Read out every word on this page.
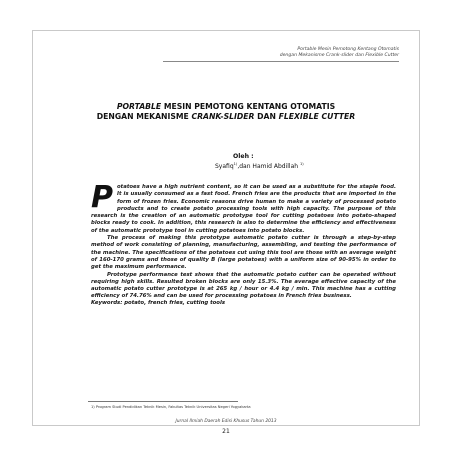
Portable Mesin Pemotong Kentang Otomatis
dengan Mekanisme Crank-slider dan Flexible Cutter
PORTABLE MESIN PEMOTONG KENTANG OTOMATIS
DENGAN MEKANISME CRANK-SLIDER DAN FLEXIBLE CUTTER
Oleh :
Syafiq$^{1)}$,dan Hamid Abdillah $^{1)}$
P otatoes have a high nutrient content, so it can be used as a substitute for the staple food. It is usually consumed as a fast food. French fries are the products that are imported in the form of frozen fries. Economic reasons drive human to make a variety of processed potato products and to create potato processing tools with high capacity. The purpose of this research is the creation of an automatic prototype tool for cutting potatoes into potato-shaped blocks ready to cook. In addition, this research is also to determine the efficiency and effectiveness of the automatic prototype tool in cutting potatoes into potato blocks.

The process of making this prototype automatic potato cutter is through a step-by-step method of work consisting of planning, manufacturing, assembling, and testing the performance of the machine. The specifications of the potatoes cut using this tool are those with an average weight of 160-170 grams and those of quality B (large potatoes) with a uniform size of 90-95% in order to get the maximum performance.

Prototype performance test shows that the automatic potato cutter can be operated without requiring high skills. Resulted broken blocks are only 15.3%. The average effective capacity of the automatic potato cutter prototype is at 265 kg / hour or 4.4 kg / min. This machine has a cutting efficiency of 74.76% and can be used for processing potatoes in French fries business.

Keywords: potato, french fries, cutting tools
1) Program Studi Pendidikan Teknik Mesin, Fakultas Teknik Universitas Negeri Yogyakarta
Jurnal Ilmiah Daerah Edisi Khusus Tahun 2013
21
